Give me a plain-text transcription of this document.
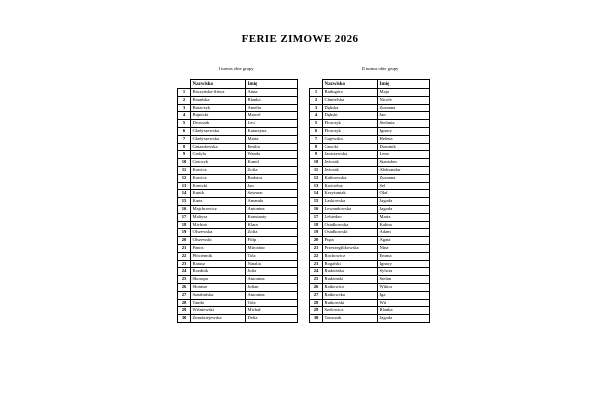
FERIE ZIMOWE 2026
I turnus obie grupy	II turnus obie grupy
	Nazwisko	Imię
1	Baczyńska-Sitwa	Anna
2	Barańska	Blanka
3	Baszczyk	Amelia
4	Bujnicki	Marcel
5	Dworzak	Leo
6	Gładyszewska	Katarzyna
7	Gładyszewska	Marta
8	Gniazdowska	Emilia
9	Godyla	Wanda
10	Graczyk	Kamil
11	Kawica	Zofia
12	Kawica	Barbara
13	Konicki	Jan
14	Kunik	Szymon
15	Kunz	Amanda
16	Majchrowicz	Antonina
17	Maltysz	Konstanty
18	Michoń	Klara
19	Olszewska	Zofia
20	Olszewski	Filip
21	Panos	Mirosław
22	Płóciennik	Tola
23	Ratusz	Natalia
24	Rozdnik	Julia
25	Skorupa	Antonina
26	Słoniun	Julian
27	Sznabińska	Antonina
28	Taniła	Tola
29	Wiśniewski	Michał
30	Zmudziejewska	Delia
	Nazwisko	Imię
1	Białogóra	Maja
2	Chmielska	Nicole
3	Dębska	Zuzanna
4	Dębski	Jan
5	Florczyk	Stefania
6	Florczyk	Ignacy
7	Gajewska	Helena
8	Gnocki	Dominik
9	Janiszewska	Lena
10	Jeżczak	Stanisław
11	Jeżczak	Aleksandar
12	Kalinowska	Zuzanna
13	Kościelny	Sel
14	Krzyżaniak	Olaf
15	Laskowska	Jagoda
16	Lewandowska	Jagoda
17	Lebiedzo	Maria
18	Osiałkowska	Kalina
19	Osiałkowski	Adam
20	Pięta	Agata
21	Przeszegilikowska	Nina
22	Rochowicz	Emma
23	Rogalski	Ignacy
24	Rudzińska	Sylwia
25	Rudzinski	Stefan
26	Ratkowicz	Wiktor
27	Ratkowska	Iga
28	Rutkowski	Wit
29	Szelowicz	Blanka
30	Tomczak	Jagoda
